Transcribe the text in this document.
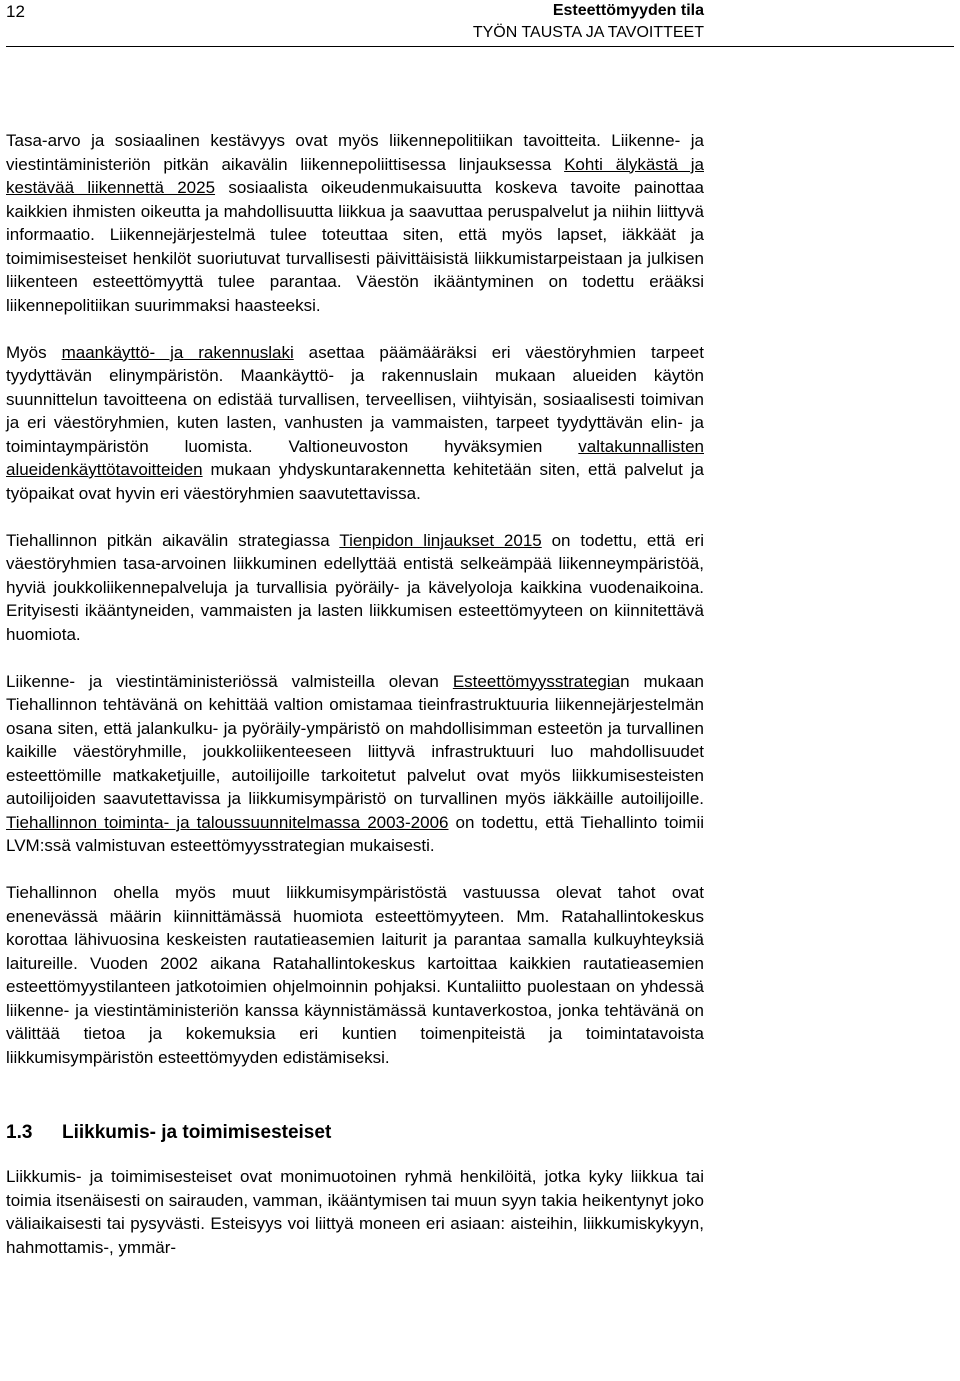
12	Esteettömyyden tila
TYÖN TAUSTA JA TAVOITTEET

Tasa-arvo ja sosiaalinen kestävyys ovat myös liikennepolitiikan tavoitteita. Liikenne- ja viestintäministeriön pitkän aikavälin liikennepoliittisessa linjauksessa Kohti älykästä ja kestävää liikennettä 2025 sosiaalista oikeudenmukaisuutta koskeva tavoite painottaa kaikkien ihmisten oikeutta ja mahdollisuutta liikkua ja saavuttaa peruspalvelut ja niihin liittyvä informaatio. Liikennejärjestelmä tulee toteuttaa siten, että myös lapset, iäkkäät ja toimimisesteiset henkilöt suoriutuvat turvallisesti päivittäisistä liikkumistarpeistaan ja julkisen liikenteen esteettömyyttä tulee parantaa. Väestön ikääntyminen on todettu erääksi liikennepolitiikan suurimmaksi haasteeksi.

Myös maankäyttö- ja rakennuslaki asettaa päämääräksi eri väestöryhmien tarpeet tyydyttävän elinympäristön. Maankäyttö- ja rakennuslain mukaan alueiden käytön suunnittelun tavoitteena on edistää turvallisen, terveellisen, viihtyisän, sosiaalisesti toimivan ja eri väestöryhmien, kuten lasten, vanhusten ja vammaisten, tarpeet tyydyttävän elin- ja toimintaympäristön luomista. Valtioneuvoston hyväksymien valtakunnallisten alueidenkäyttötavoitteiden mukaan yhdyskuntarakennetta kehitetään siten, että palvelut ja työpaikat ovat hyvin eri väestöryhmien saavutettavissa.

Tiehallinnon pitkän aikavälin strategiassa Tienpidon linjaukset 2015 on todettu, että eri väestöryhmien tasa-arvoinen liikkuminen edellyttää entistä selkeämpää liikenneympäristöä, hyviä joukkoliikennepalveluja ja turvallisia pyöräily- ja kävelyoloja kaikkina vuodenaikoina. Erityisesti ikääntyneiden, vammaisten ja lasten liikkumisen esteettömyyteen on kiinnitettävä huomiota.

Liikenne- ja viestintäministeriössä valmisteilla olevan Esteettömyysstrategian mukaan Tiehallinnon tehtävänä on kehittää valtion omistamaa tieinfrastruktuuria liikennejärjestelmän osana siten, että jalankulku- ja pyöräily-ympäristö on mahdollisimman esteetön ja turvallinen kaikille väestöryhmille, joukkoliikenteeseen liittyvä infrastruktuuri luo mahdollisuudet esteettömille matkaketjuille, autoilijoille tarkoitetut palvelut ovat myös liikkumisesteisten autoilijoiden saavutettavissa ja liikkumisympäristö on turvallinen myös iäkkäille autoilijoille. Tiehallinnon toiminta- ja taloussuunnitelmassa 2003-2006 on todettu, että Tiehallinto toimii LVM:ssä valmistuvan esteettömyysstrategian mukaisesti.

Tiehallinnon ohella myös muut liikkumisympäristöstä vastuussa olevat tahot ovat enenevässä määrin kiinnittämässä huomiota esteettömyyteen. Mm. Ratahallintokeskus korottaa lähivuosina keskeisten rautatieasemien laiturit ja parantaa samalla kulkuyhteyksiä laitureille. Vuoden 2002 aikana Ratahallintokeskus kartoittaa kaikkien rautatieasemien esteettömyystilanteen jatkotoimien ohjelmoinnin pohjaksi. Kuntaliitto puolestaan on yhdessä liikenne- ja viestintäministeriön kanssa käynnistämässä kuntaverkostoa, jonka tehtävänä on välittää tietoa ja kokemuksia eri kuntien toimenpiteistä ja toimintatavoista liikkumisympäristön esteettömyyden edistämiseksi.

1.3 Liikkumis- ja toimimisesteiset

Liikkumis- ja toimimisesteiset ovat monimuotoinen ryhmä henkilöitä, jotka kyky liikkua tai toimia itsenäisesti on sairauden, vamman, ikääntymisen tai muun syyn takia heikentynyt joko väliaikaisesti tai pysyvästi. Esteisyys voi liittyä moneen eri asiaan: aisteihin, liikkumiskykyyn, hahmottamis-, ymmär-
